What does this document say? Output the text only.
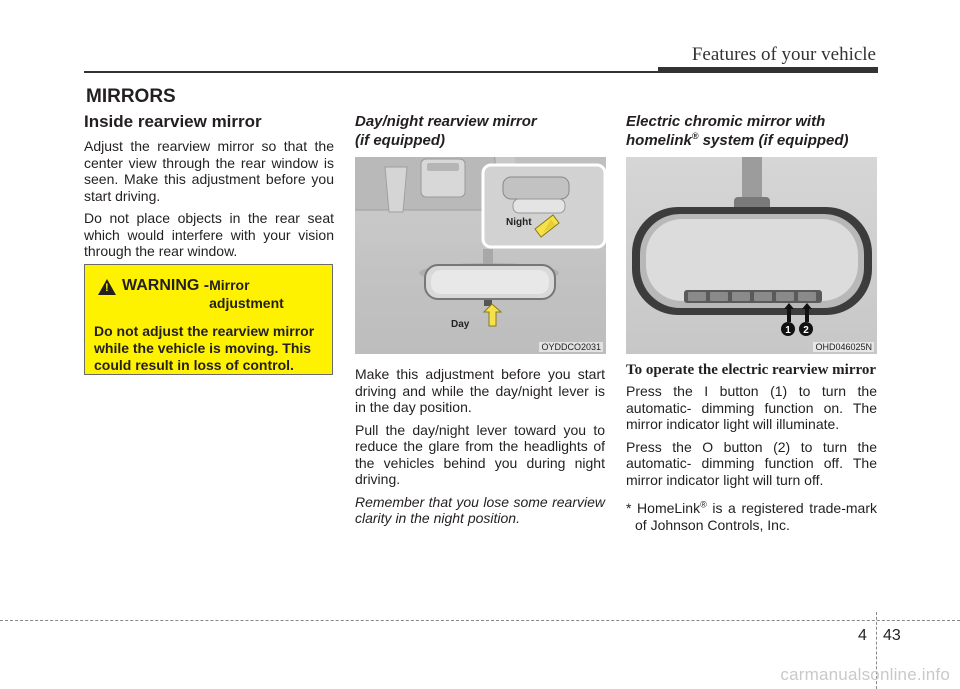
Features of your vehicle
MIRRORS
Inside rearview mirror

Adjust the rearview mirror so that the center view through the rear window is seen. Make this adjustment before you start driving.

Do not place objects in the rear seat which would interfere with your vision through the rear window.

!
WARNING - Mirror
adjustment
Do not adjust the rearview mirror while the vehicle is moving. This could result in loss of control.
Day/night rearview mirror
(if equipped)
Night
Day
OYDDCO2031

Make this adjustment before you start driving and while the day/night lever is in the day position.

Pull the day/night lever toward you to reduce the glare from the headlights of the vehicles behind you during night driving.

Remember that you lose some rearview clarity in the night position.

Electric chromic mirror with
homelink® system (if equipped)
1 2
OHD046025N

To operate the electric rearview mirror

Press the I button (1) to turn the automatic- dimming function on. The mirror indicator light will illuminate.

Press the O button (2) to turn the automatic- dimming function off. The mirror indicator light will turn off.

* HomeLink® is a registered trade-mark of Johnson Controls, Inc.

4 43
carmanualsonline.info
